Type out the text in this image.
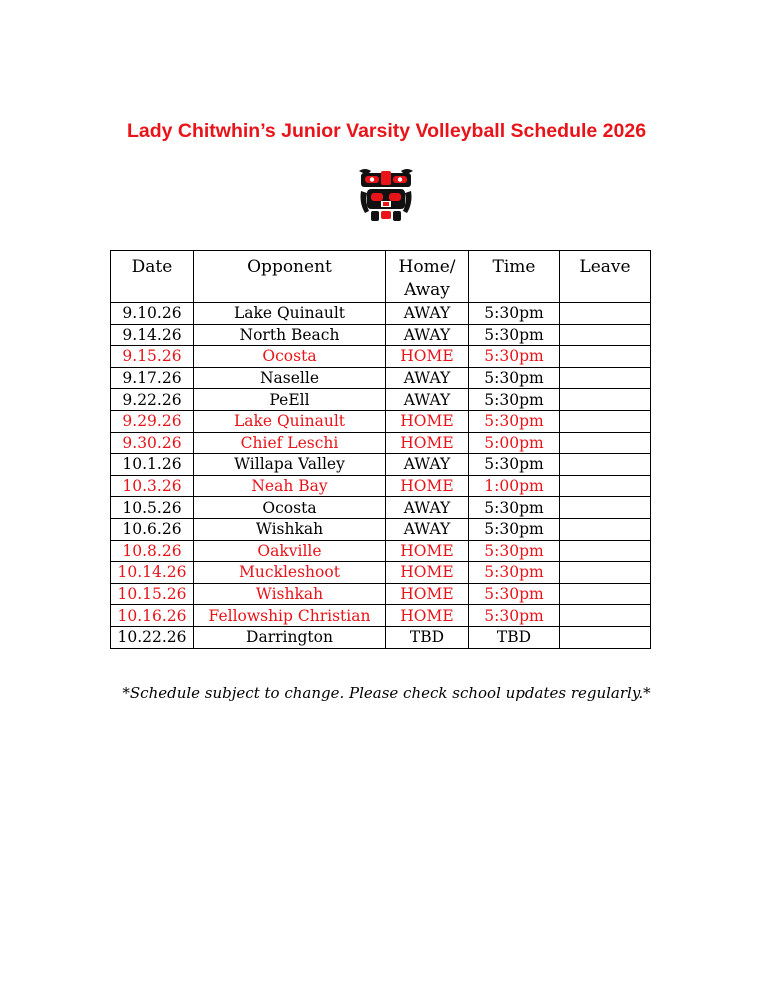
Lady Chitwhin’s Junior Varsity Volleyball Schedule 2026
Date	Opponent	Home/
Away	Time	Leave
9.10.26	Lake Quinault	AWAY	5:30pm	
9.14.26	North Beach	AWAY	5:30pm	
9.15.26	Ocosta	HOME	5:30pm	
9.17.26	Naselle	AWAY	5:30pm	
9.22.26	PeEll	AWAY	5:30pm	
9.29.26	Lake Quinault	HOME	5:30pm	
9.30.26	Chief Leschi	HOME	5:00pm	
10.1.26	Willapa Valley	AWAY	5:30pm	
10.3.26	Neah Bay	HOME	1:00pm	
10.5.26	Ocosta	AWAY	5:30pm	
10.6.26	Wishkah	AWAY	5:30pm	
10.8.26	Oakville	HOME	5:30pm	
10.14.26	Muckleshoot	HOME	5:30pm	
10.15.26	Wishkah	HOME	5:30pm	
10.16.26	Fellowship Christian	HOME	5:30pm	
10.22.26	Darrington	TBD	TBD	
*Schedule subject to change. Please check school updates regularly.*
